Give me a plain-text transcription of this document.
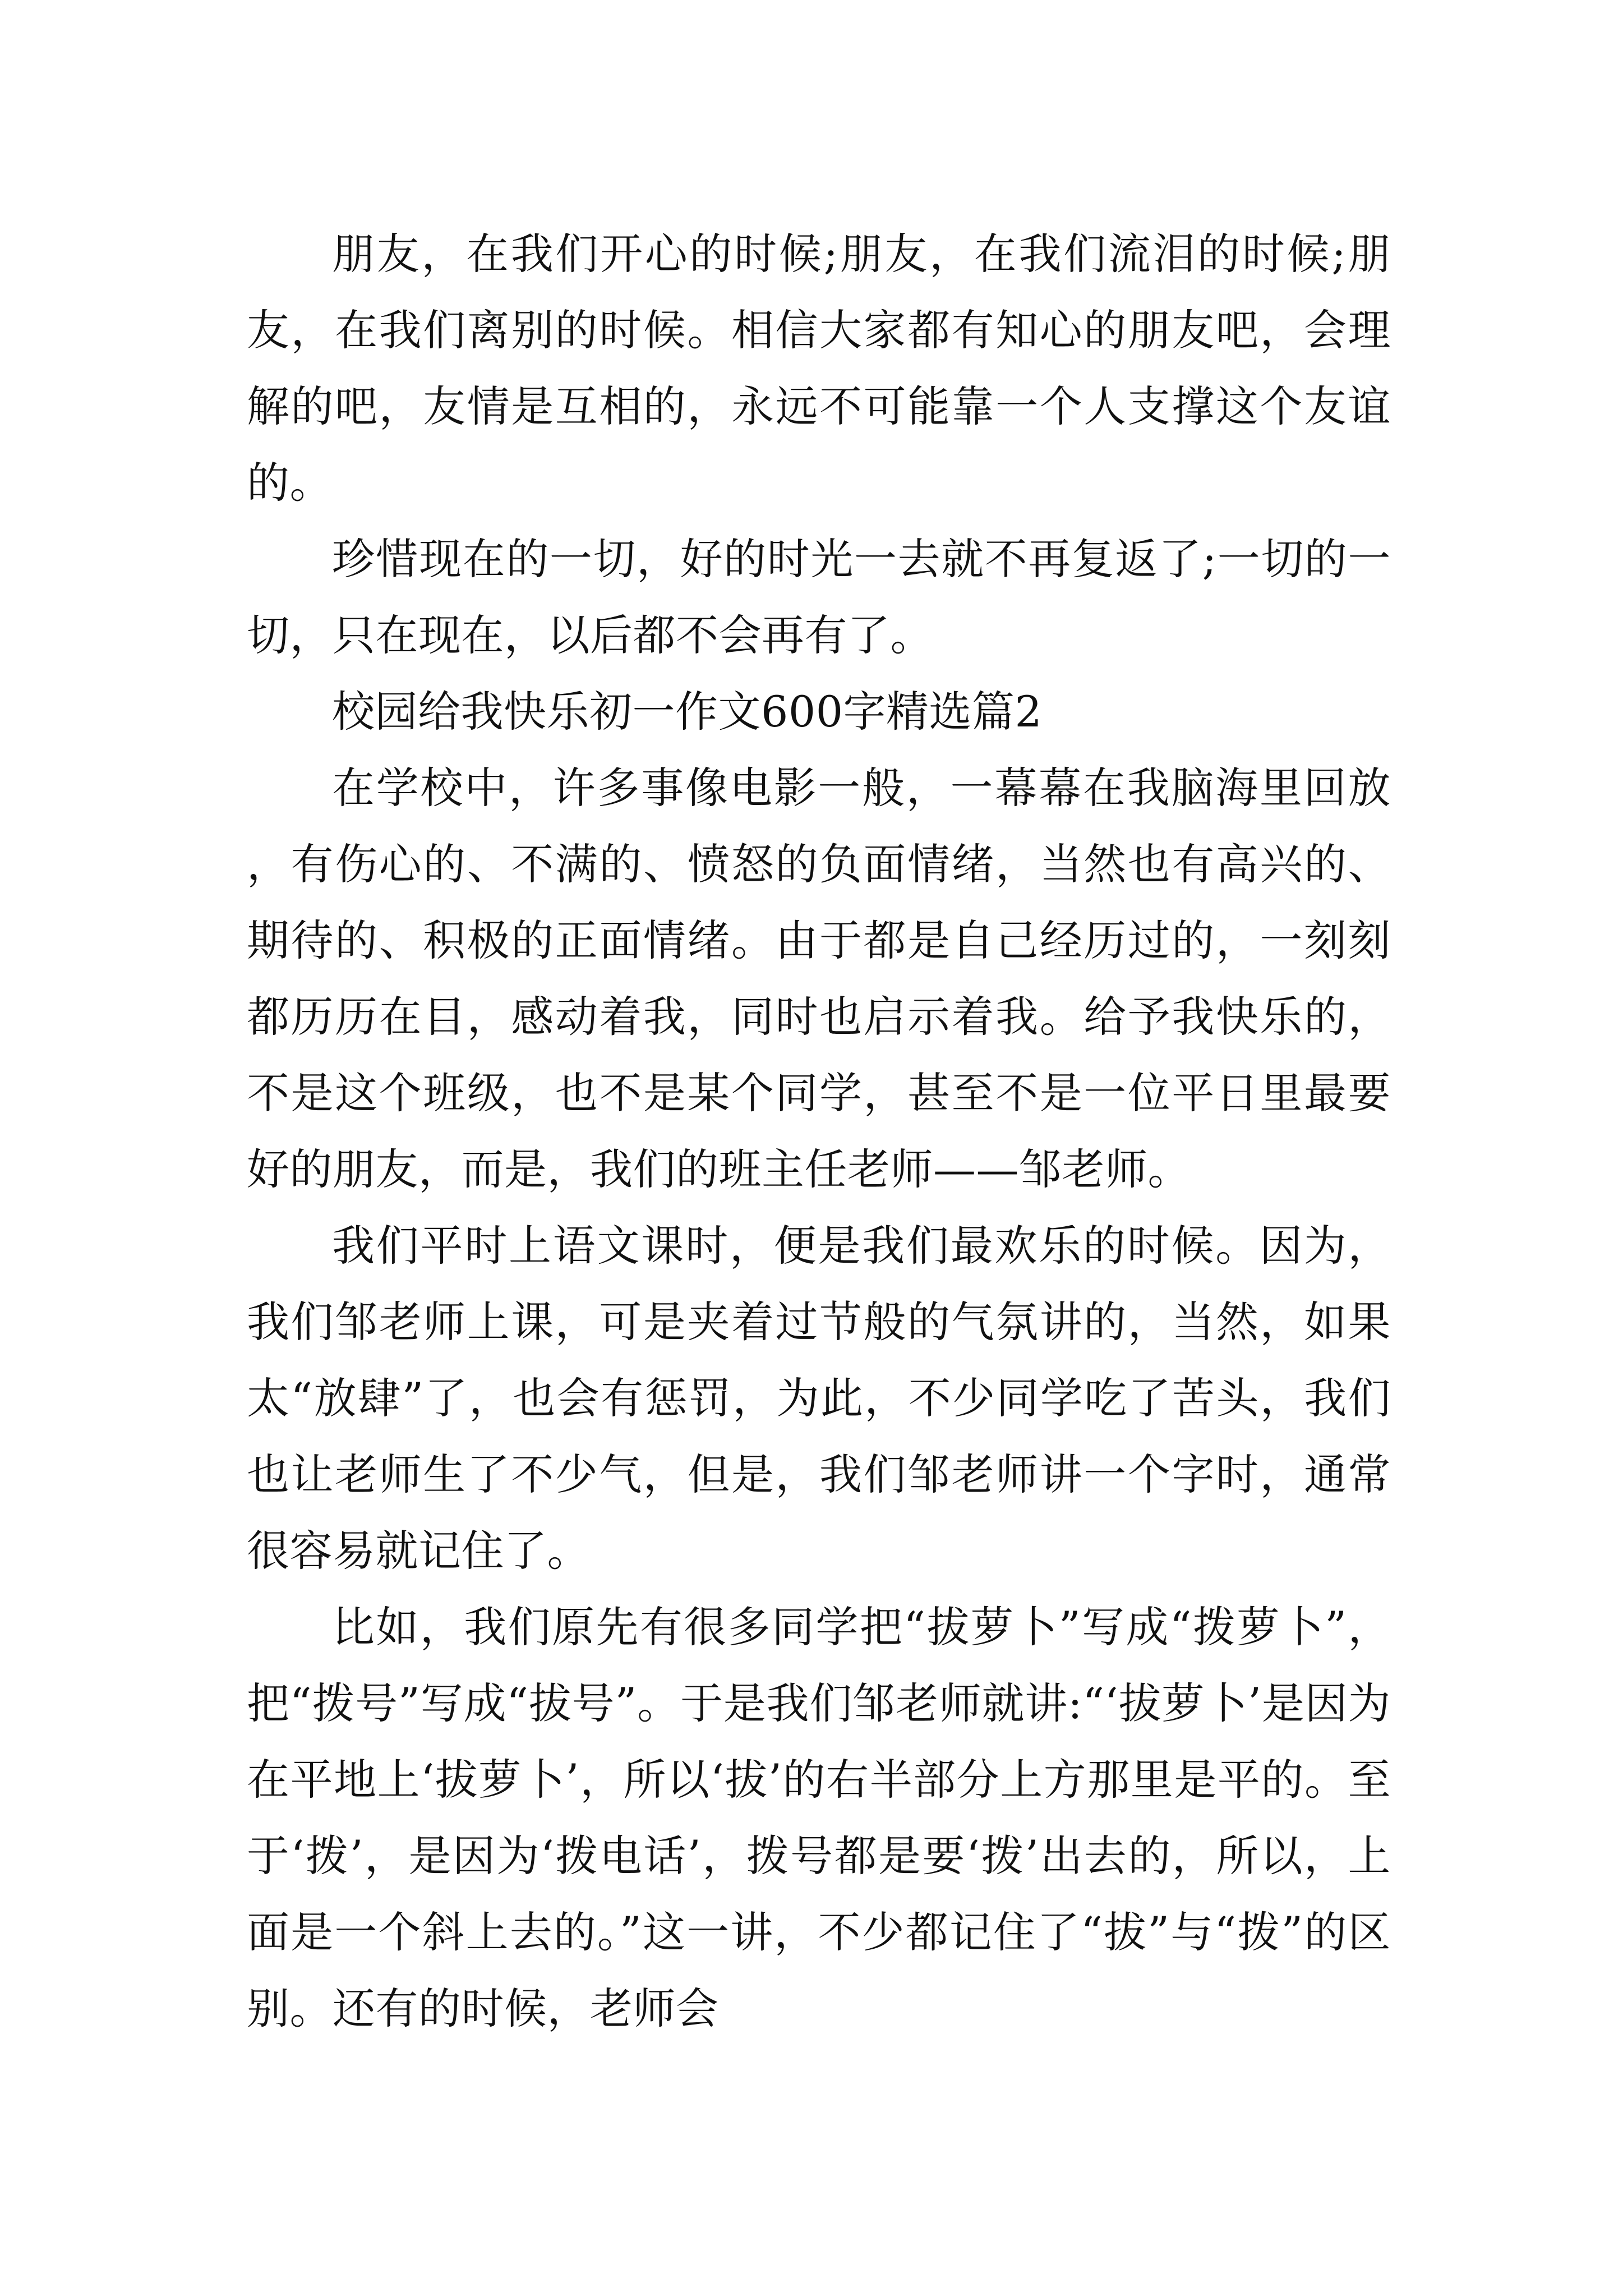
朋友，在我们开心的时候;朋友，在我们流泪的时候;朋友，在我们离别的时候。相信大家都有知心的朋友吧，会理解的吧，友情是互相的，永远不可能靠一个人支撑这个友谊的。

珍惜现在的一切，好的时光一去就不再复返了;一切的一切，只在现在，以后都不会再有了。

校园给我快乐初一作文600字精选篇2

在学校中，许多事像电影一般，一幕幕在我脑海里回放，有伤心的、不满的、愤怒的负面情绪，当然也有高兴的、期待的、积极的正面情绪。由于都是自己经历过的，一刻刻都历历在目，感动着我，同时也启示着我。给予我快乐的，不是这个班级，也不是某个同学，甚至不是一位平日里最要好的朋友，而是，我们的班主任老师——邹老师。

我们平时上语文课时，便是我们最欢乐的时候。因为，我们邹老师上课，可是夹着过节般的气氛讲的，当然，如果太“放肆”了，也会有惩罚，为此，不少同学吃了苦头，我们也让老师生了不少气，但是，我们邹老师讲一个字时，通常很容易就记住了。

比如，我们原先有很多同学把“拔萝卜”写成“拨萝卜”，把“拨号”写成“拔号”。于是我们邹老师就讲:“‘拔萝卜’是因为在平地上‘拔萝卜’，所以‘拔’的右半部分上方那里是平的。至于‘拨’，是因为‘拨电话’，拨号都是要‘拨’出去的，所以，上面是一个斜上去的。”这一讲，不少都记住了“拔”与“拨”的区别。还有的时候，老师会
